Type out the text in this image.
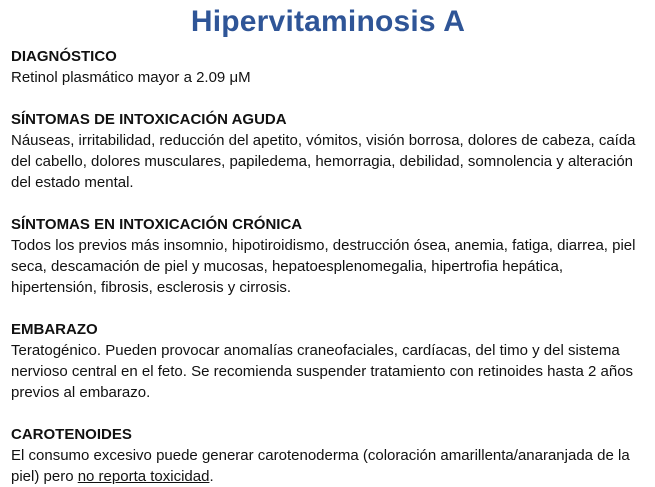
Hipervitaminosis A

DIAGNÓSTICO

Retinol plasmático mayor a 2.09 μM

SÍNTOMAS DE INTOXICACIÓN AGUDA

Náuseas, irritabilidad, reducción del apetito, vómitos, visión borrosa, dolores de cabeza, caída del cabello, dolores musculares, papiledema, hemorragia, debilidad, somnolencia y alteración del estado mental.

SÍNTOMAS EN INTOXICACIÓN CRÓNICA

Todos los previos más insomnio, hipotiroidismo, destrucción ósea, anemia, fatiga, diarrea, piel seca, descamación de piel y mucosas, hepatoesplenomegalia, hipertrofia hepática, hipertensión, fibrosis, esclerosis y cirrosis.

EMBARAZO

Teratogénico. Pueden provocar anomalías craneofaciales, cardíacas, del timo y del sistema nervioso central en el feto. Se recomienda suspender tratamiento con retinoides hasta 2 años previos al embarazo.

CAROTENOIDES

El consumo excesivo puede generar carotenoderma (coloración amarillenta/anaranjada de la piel) pero no reporta toxicidad.
